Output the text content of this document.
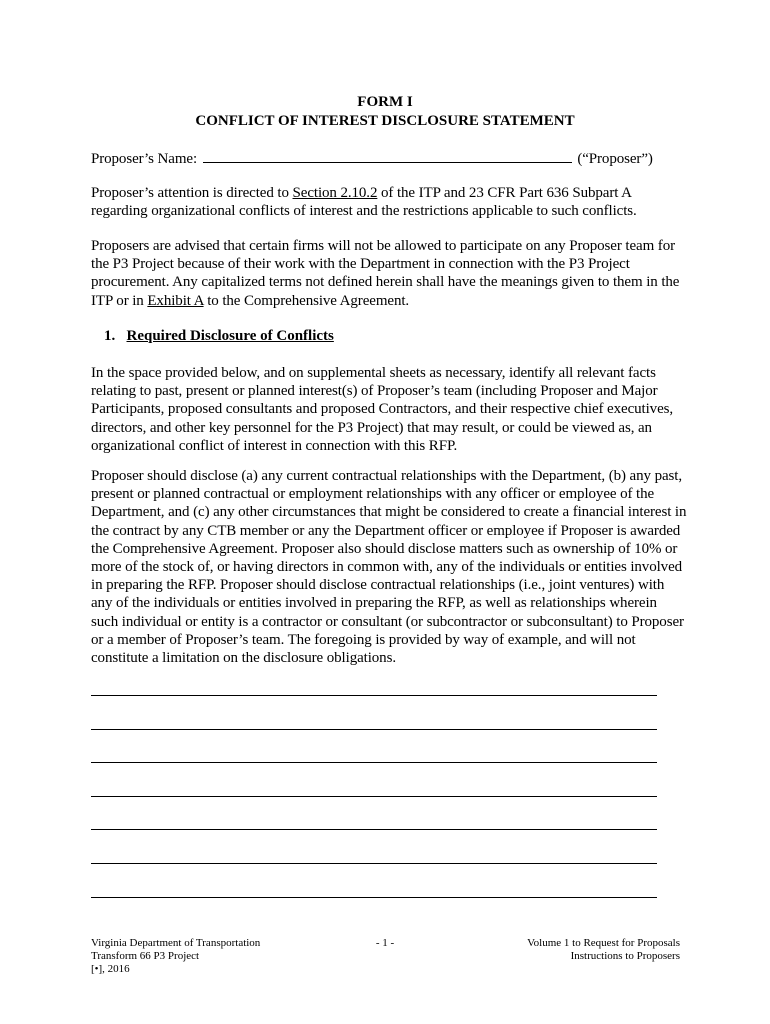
FORM I
CONFLICT OF INTEREST DISCLOSURE STATEMENT
Proposer’s Name:	(“Proposer”)
Proposer’s attention is directed to Section 2.10.2 of the ITP and 23 CFR Part 636 Subpart A regarding organizational conflicts of interest and the restrictions applicable to such conflicts.
Proposers are advised that certain firms will not be allowed to participate on any Proposer team for the P3 Project because of their work with the Department in connection with the P3 Project procurement. Any capitalized terms not defined herein shall have the meanings given to them in the ITP or in Exhibit A to the Comprehensive Agreement.
1. Required Disclosure of Conflicts
In the space provided below, and on supplemental sheets as necessary, identify all relevant facts relating to past, present or planned interest(s) of Proposer’s team (including Proposer and Major Participants, proposed consultants and proposed Contractors, and their respective chief executives, directors, and other key personnel for the P3 Project) that may result, or could be viewed as, an organizational conflict of interest in connection with this RFP.
Proposer should disclose (a) any current contractual relationships with the Department, (b) any past, present or planned contractual or employment relationships with any officer or employee of the Department, and (c) any other circumstances that might be considered to create a financial interest in the contract by any CTB member or any the Department officer or employee if Proposer is awarded the Comprehensive Agreement. Proposer also should disclose matters such as ownership of 10% or more of the stock of, or having directors in common with, any of the individuals or entities involved in preparing the RFP. Proposer should disclose contractual relationships (i.e., joint ventures) with any of the individuals or entities involved in preparing the RFP, as well as relationships wherein such individual or entity is a contractor or consultant (or subcontractor or subconsultant) to Proposer or a member of Proposer’s team. The foregoing is provided by way of example, and will not constitute a limitation on the disclosure obligations.
Virginia Department of Transportation
Transform 66 P3 Project
[•], 2016
- 1 -	Volume 1 to Request for Proposals
Instructions to Proposers
